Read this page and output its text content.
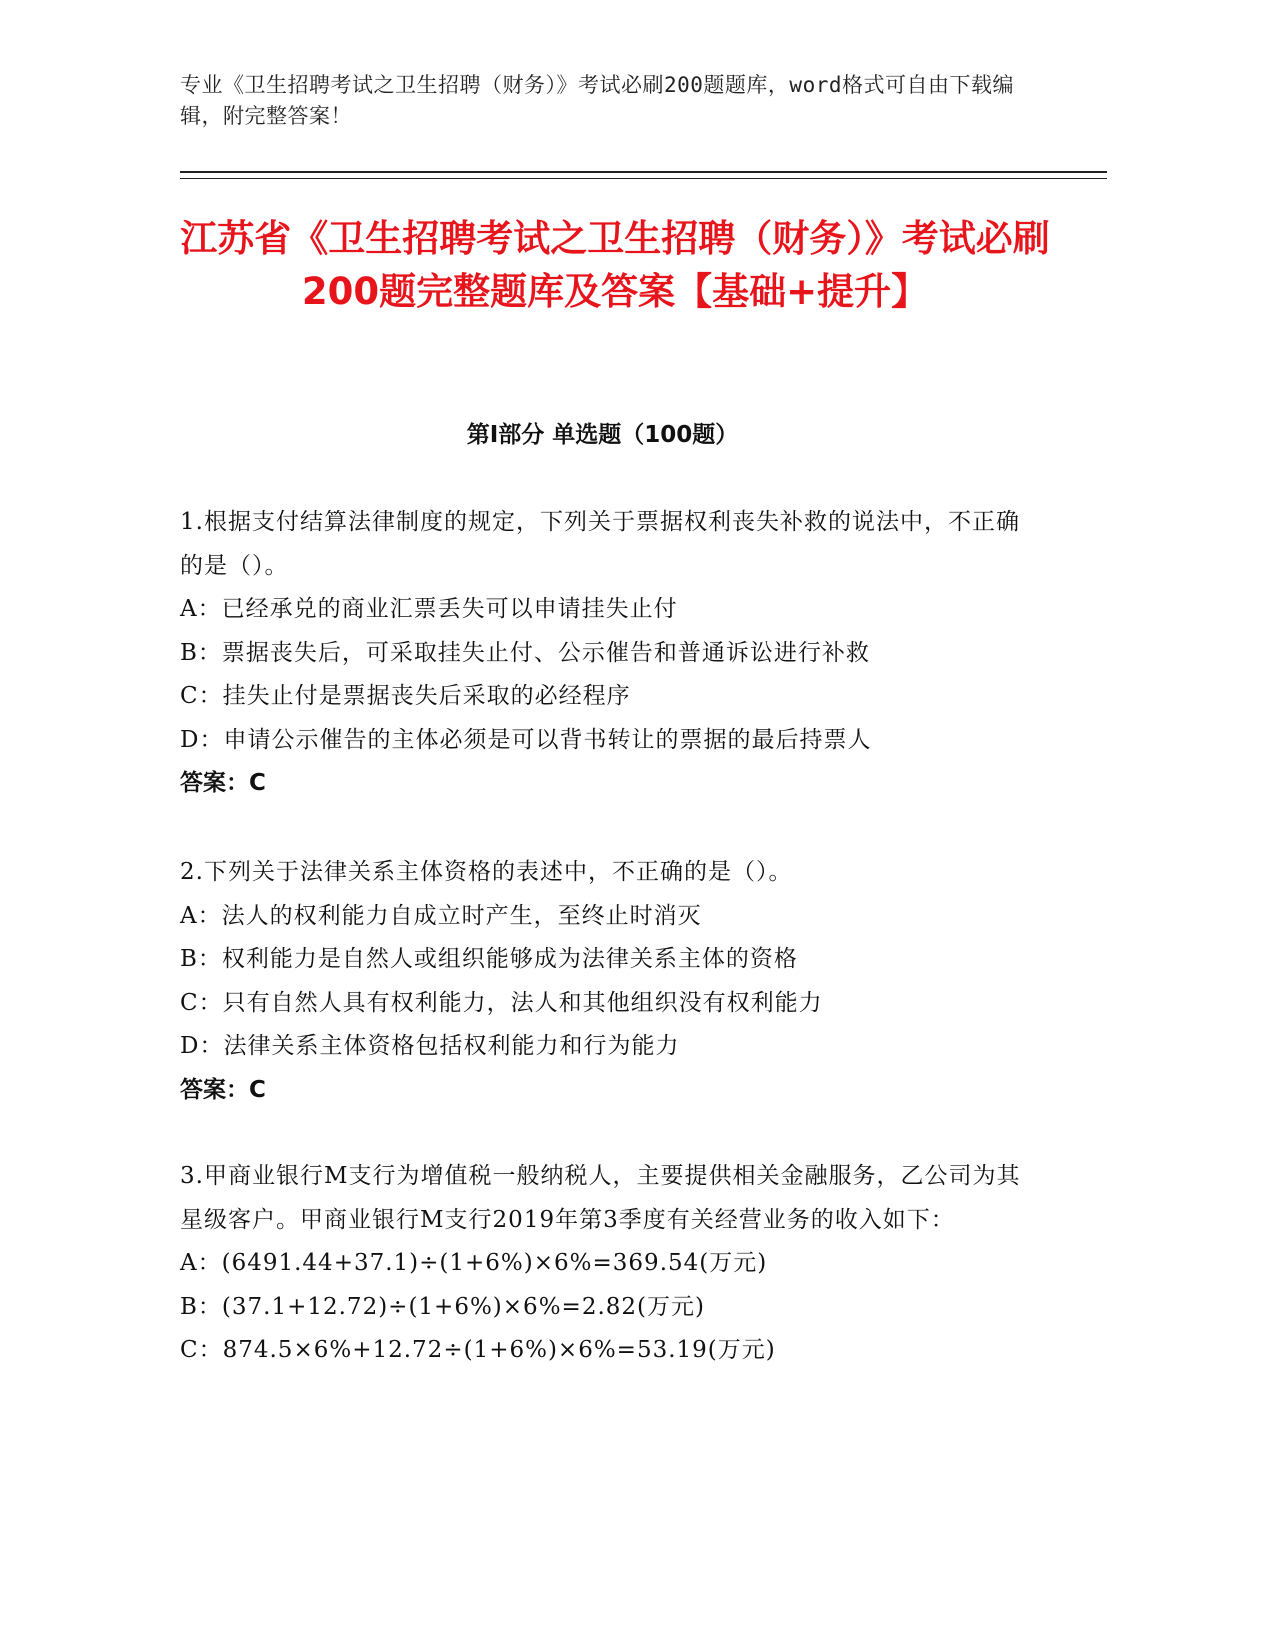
专业《卫生招聘考试之卫生招聘（财务）》考试必刷200题题库，word格式可自由下载编辑，附完整答案！
江苏省《卫生招聘考试之卫生招聘（财务）》考试必刷200题完整题库及答案【基础+提升】
第Ⅰ部分 单选题（100题）
1.根据支付结算法律制度的规定，下列关于票据权利丧失补救的说法中，不正确的是（）。
A：已经承兑的商业汇票丢失可以申请挂失止付
B：票据丧失后，可采取挂失止付、公示催告和普通诉讼进行补救
C：挂失止付是票据丧失后采取的必经程序
D：申请公示催告的主体必须是可以背书转让的票据的最后持票人
答案：C
2.下列关于法律关系主体资格的表述中，不正确的是（）。
A：法人的权利能力自成立时产生，至终止时消灭
B：权利能力是自然人或组织能够成为法律关系主体的资格
C：只有自然人具有权利能力，法人和其他组织没有权利能力
D：法律关系主体资格包括权利能力和行为能力
答案：C
3.甲商业银行M支行为增值税一般纳税人，主要提供相关金融服务，乙公司为其星级客户。甲商业银行M支行2019年第3季度有关经营业务的收入如下：
A：(6491.44+37.1)÷(1+6%)×6%=369.54(万元)
B：(37.1+12.72)÷(1+6%)×6%=2.82(万元)
C：874.5×6%+12.72÷(1+6%)×6%=53.19(万元)
